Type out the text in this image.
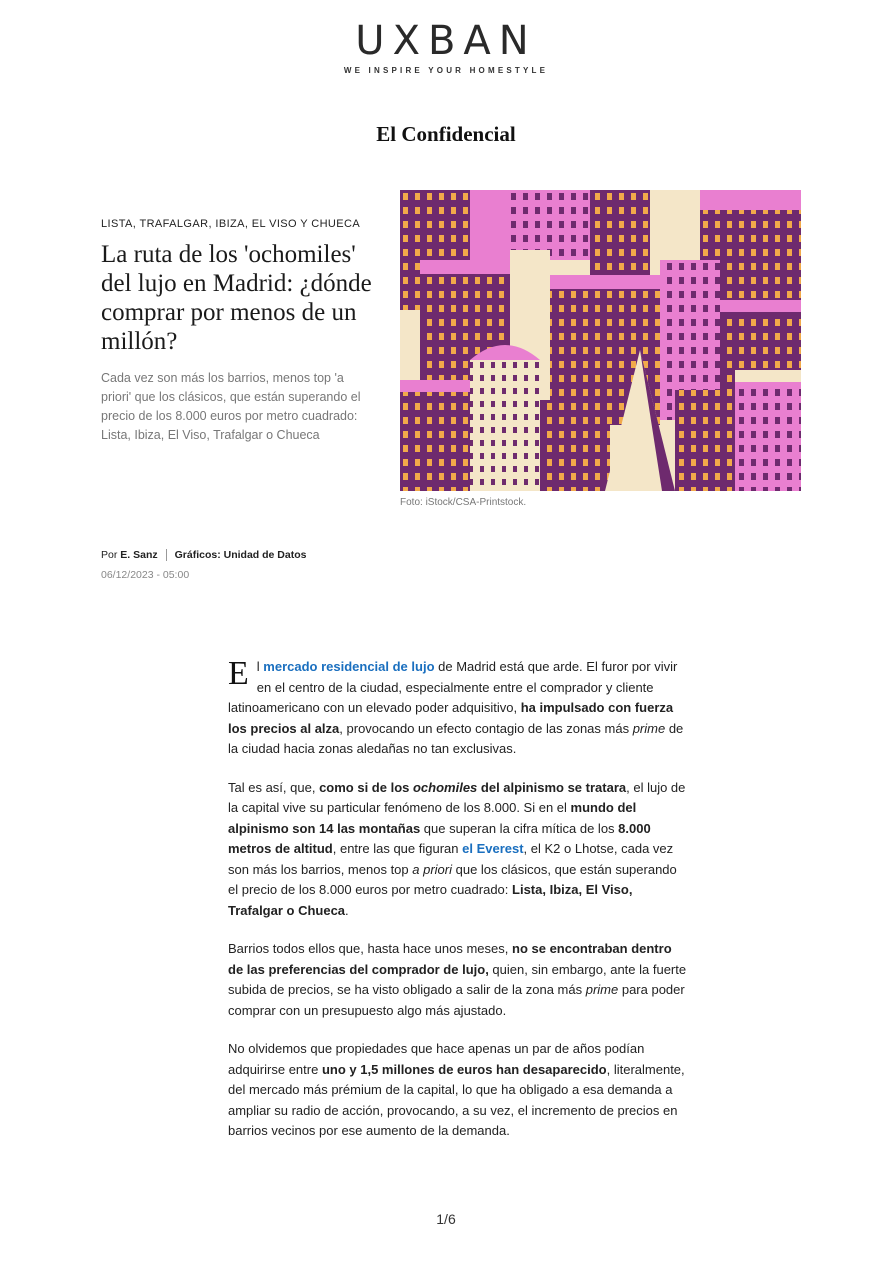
UXBAN
WE INSPIRE YOUR HOMESTYLE
El Confidencial
LISTA, TRAFALGAR, IBIZA, EL VISO Y CHUECA
La ruta de los 'ochomiles' del lujo en Madrid: ¿dónde comprar por menos de un millón?

Cada vez son más los barrios, menos top 'a priori' que los clásicos, que están superando el precio de los 8.000 euros por metro cuadrado: Lista, Ibiza, El Viso, Trafalgar o Chueca

Foto: iStock/CSA-Printstock.
Por E. Sanz Gráficos: Unidad de Datos
06/12/2023 - 05:00

El mercado residencial de lujo de Madrid está que arde. El furor por vivir en el centro de la ciudad, especialmente entre el comprador y cliente latinoamericano con un elevado poder adquisitivo, ha impulsado con fuerza los precios al alza, provocando un efecto contagio de las zonas más prime de la ciudad hacia zonas aledañas no tan exclusivas.

Tal es así, que, como si de los ochomiles del alpinismo se tratara, el lujo de la capital vive su particular fenómeno de los 8.000. Si en el mundo del alpinismo son 14 las montañas que superan la cifra mítica de los 8.000 metros de altitud, entre las que figuran el Everest, el K2 o Lhotse, cada vez son más los barrios, menos top a priori que los clásicos, que están superando el precio de los 8.000 euros por metro cuadrado: Lista, Ibiza, El Viso, Trafalgar o Chueca.

Barrios todos ellos que, hasta hace unos meses, no se encontraban dentro de las preferencias del comprador de lujo, quien, sin embargo, ante la fuerte subida de precios, se ha visto obligado a salir de la zona más prime para poder comprar con un presupuesto algo más ajustado.

No olvidemos que propiedades que hace apenas un par de años podían adquirirse entre uno y 1,5 millones de euros han desaparecido, literalmente, del mercado más prémium de la capital, lo que ha obligado a esa demanda a ampliar su radio de acción, provocando, a su vez, el incremento de precios en barrios vecinos por ese aumento de la demanda.

1/6
